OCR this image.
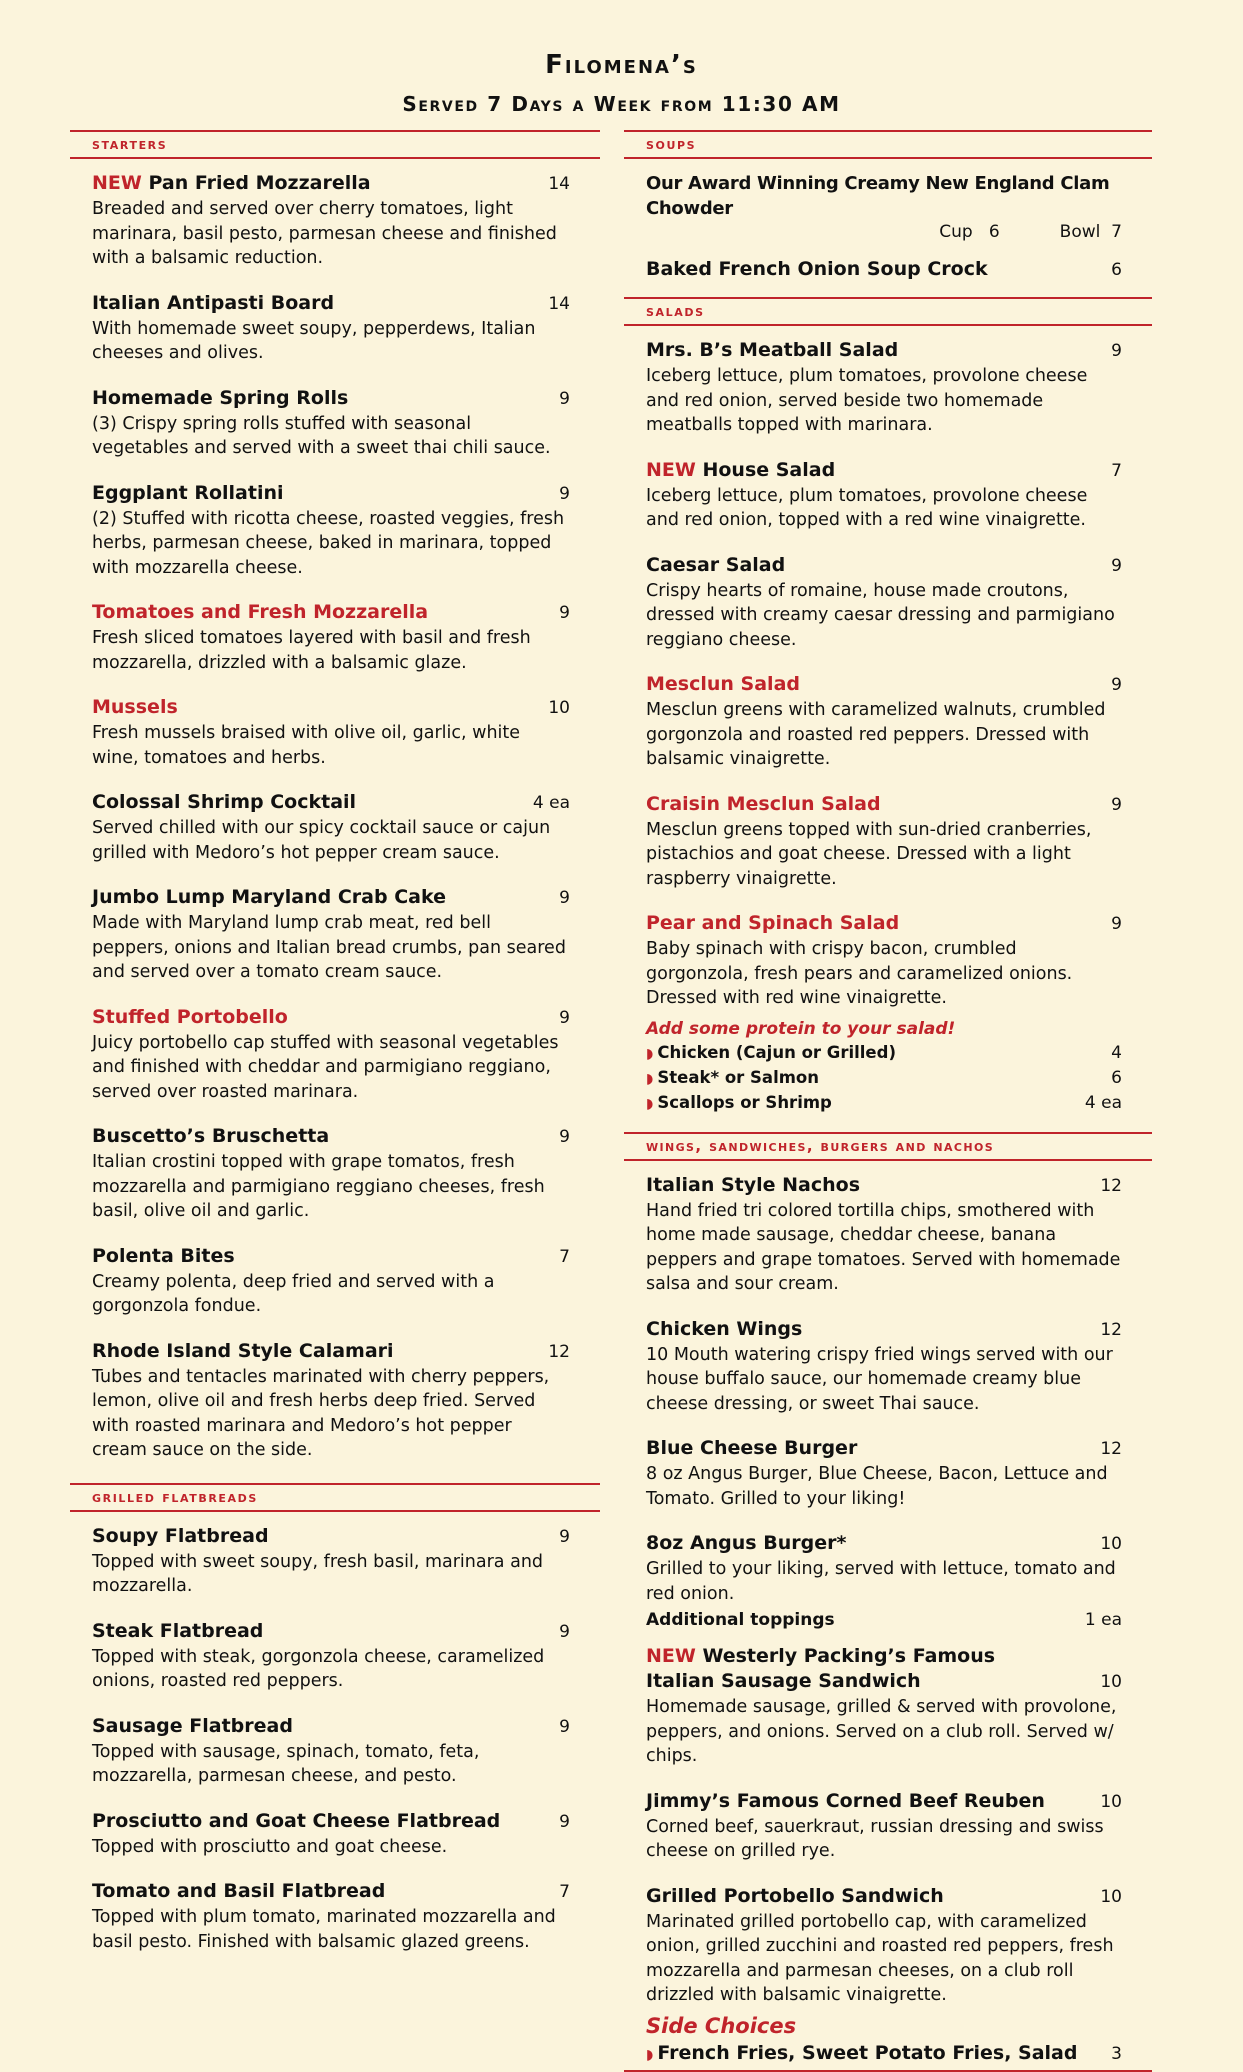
Filomena’s
Served 7 Days a Week from 11:30 AM
starters
NEW Pan Fried Mozzarella	14
Breaded and served over cherry tomatoes, light marinara, basil pesto, parmesan cheese and finished with a balsamic reduction.
Italian Antipasti Board	14
With homemade sweet soupy, pepperdews, Italian cheeses and olives.
Homemade Spring Rolls	9
(3) Crispy spring rolls stuffed with seasonal vegetables and served with a sweet thai chili sauce.
Eggplant Rollatini	9
(2) Stuffed with ricotta cheese, roasted veggies, fresh herbs, parmesan cheese, baked in marinara, topped with mozzarella cheese.
Tomatoes and Fresh Mozzarella	9
Fresh sliced tomatoes layered with basil and fresh mozzarella, drizzled with a balsamic glaze.
Mussels	10
Fresh mussels braised with olive oil, garlic, white wine, tomatoes and herbs.
Colossal Shrimp Cocktail	4 ea
Served chilled with our spicy cocktail sauce or cajun grilled with Medoro’s hot pepper cream sauce.
Jumbo Lump Maryland Crab Cake	9
Made with Maryland lump crab meat, red bell peppers, onions and Italian bread crumbs, pan seared and served over a tomato cream sauce.
Stuffed Portobello	9
Juicy portobello cap stuffed with seasonal vegetables and finished with cheddar and parmigiano reggiano, served over roasted marinara.
Buscetto’s Bruschetta	9
Italian crostini topped with grape tomatos, fresh mozzarella and parmigiano reggiano cheeses, fresh basil, olive oil and garlic.
Polenta Bites	7
Creamy polenta, deep fried and served with a gorgonzola fondue.
Rhode Island Style Calamari	12
Tubes and tentacles marinated with cherry peppers, lemon, olive oil and fresh herbs deep fried. Served with roasted marinara and Medoro’s hot pepper cream sauce on the side.
grilled flatbreads
Soupy Flatbread	9
Topped with sweet soupy, fresh basil, marinara and mozzarella.
Steak Flatbread	9
Topped with steak, gorgonzola cheese, caramelized onions, roasted red peppers.
Sausage Flatbread	9
Topped with sausage, spinach, tomato, feta, mozzarella, parmesan cheese, and pesto.
Prosciutto and Goat Cheese Flatbread	9
Topped with prosciutto and goat cheese.
Tomato and Basil Flatbread	7
Topped with plum tomato, marinated mozzarella and basil pesto. Finished with balsamic glazed greens.
soups
Our Award Winning Creamy New England Clam Chowder
Cup   6	Bowl  7
Baked French Onion Soup Crock	6
salads
Mrs. B’s Meatball Salad	9
Iceberg lettuce, plum tomatoes, provolone cheese and red onion, served beside two homemade meatballs topped with marinara.
NEW House Salad	7
Iceberg lettuce, plum tomatoes, provolone cheese and red onion, topped with a red wine vinaigrette.
Caesar Salad	9
Crispy hearts of romaine, house made croutons, dressed with creamy caesar dressing and parmigiano reggiano cheese.
Mesclun Salad	9
Mesclun greens with caramelized walnuts, crumbled gorgonzola and roasted red peppers. Dressed with balsamic vinaigrette.
Craisin Mesclun Salad	9
Mesclun greens topped with sun-dried cranberries, pistachios and goat cheese. Dressed with a light raspberry vinaigrette.
Pear and Spinach Salad	9
Baby spinach with crispy bacon, crumbled gorgonzola, fresh pears and caramelized onions. Dressed with red wine vinaigrette.
Add some protein to your salad!
◗ Chicken (Cajun or Grilled)	4
◗ Steak* or Salmon	6
◗ Scallops or Shrimp	4 ea
wings, sandwiches, burgers and nachos
Italian Style Nachos	12
Hand fried tri colored tortilla chips, smothered with home made sausage, cheddar cheese, banana peppers and grape tomatoes. Served with homemade salsa and sour cream.
Chicken Wings	12
10 Mouth watering crispy fried wings served with our house buffalo sauce, our homemade creamy blue cheese dressing, or sweet Thai sauce.
Blue Cheese Burger	12
8 oz Angus Burger, Blue Cheese, Bacon, Lettuce and Tomato. Grilled to your liking!
8oz Angus Burger*	10
Grilled to your liking, served with lettuce, tomato and red onion.
Additional toppings	1 ea
NEW Westerly Packing’s Famous
Italian Sausage Sandwich	10
Homemade sausage, grilled & served with provolone, peppers, and onions. Served on a club roll. Served w/ chips.
Jimmy’s Famous Corned Beef Reuben	10
Corned beef, sauerkraut, russian dressing and swiss cheese on grilled rye.
Grilled Portobello Sandwich	10
Marinated grilled portobello cap, with caramelized onion, grilled zucchini and roasted red peppers, fresh mozzarella and parmesan cheeses, on a club roll drizzled with balsamic vinaigrette.
Side Choices
◗ French Fries, Sweet Potato Fries, Salad 3
